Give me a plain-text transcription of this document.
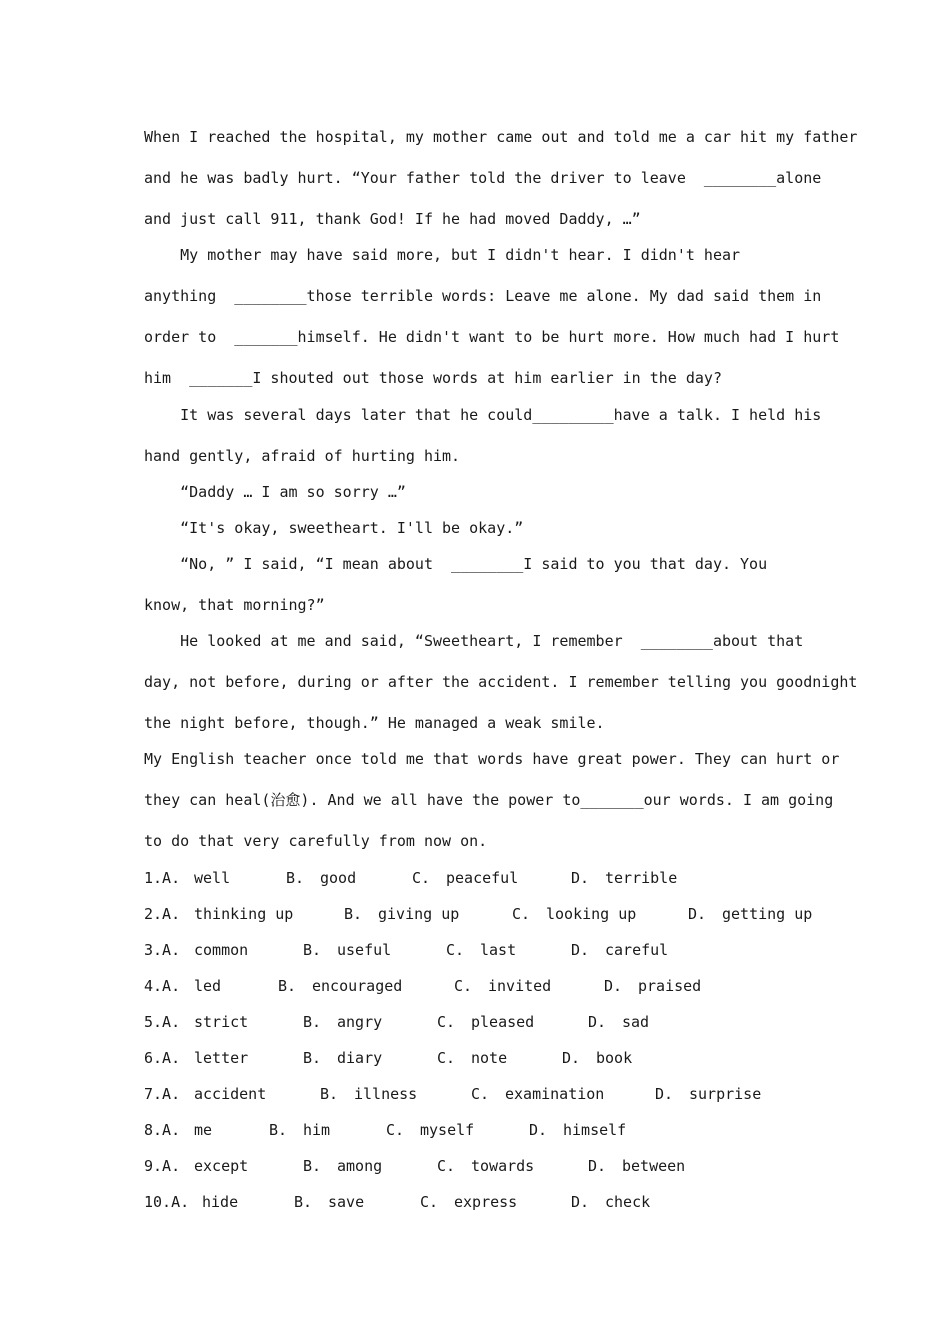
When I reached the hospital, my mother came out and told me a car hit my father
and he was badly hurt. “Your father told the driver to leave  ________alone
and just call 911, thank God! If he had moved Daddy, …”
My mother may have said more, but I didn't hear. I didn't hear
anything  ________those terrible words: Leave me alone. My dad said them in
order to  _______himself. He didn't want to be hurt more. How much had I hurt
him  _______I shouted out those words at him earlier in the day?
It was several days later that he could_________have a talk. I held his
hand gently, afraid of hurting him.
“Daddy … I am so sorry …”
“It's okay, sweetheart. I'll be okay.”
“No, ” I said, “I mean about  ________I said to you that day. You
know, that morning?”
He looked at me and said, “Sweetheart, I remember  ________about that
day, not before, during or after the accident. I remember telling you goodnight
the night before, though.” He managed a weak smile.
My English teacher once told me that words have great power. They can hurt or
they can heal(治愈). And we all have the power to_______our words. I am going
to do that very carefully from now on.
1.A. well	B. good	C. peaceful	D. terrible
2.A. thinking up	B. giving up	C. looking up	D. getting up
3.A. common	B. useful	C. last	D. careful
4.A. led	B. encouraged	C. invited	D. praised
5.A. strict	B. angry	C. pleased	D. sad
6.A. letter	B. diary	C. note	D. book
7.A. accident	B. illness	C. examination	D. surprise
8.A. me	B. him	C. myself	D. himself
9.A. except	B. among	C. towards	D. between
10.A. hide	B. save	C. express	D. check
